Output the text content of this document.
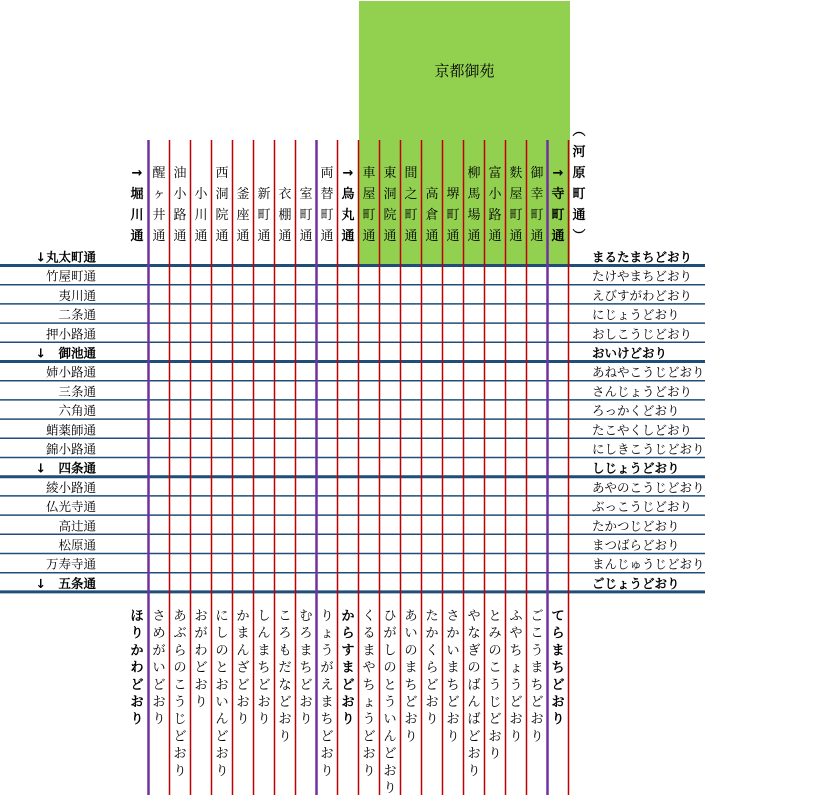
京都御苑
→堀川通
醒ヶ井通
油小路通
小川通
西洞院通
釜座通
新町通
衣棚通
室町通
両替町通
→烏丸通
車屋町通
東洞院通
間之町通
高倉通
堺町通
柳馬場通
富小路通
麩屋町通
御幸町通
→寺町通
︵河原町通︶
ほりかわどおり
さめがいどおり
あぶらのこうじどおり
おがわどおり
にしのとおいんどおり
かまんざどおり
しんまちどおり
ころもだなどおり
むろまちどおり
りょうがえまちどおり
からすまどおり
くるまやちょうどおり
ひがしのとういんどおり
あいのまちどおり
たかくらどおり
さかいまちどおり
やなぎのばんばどおり
とみのこうじどおり
ふやちょうどおり
ごこうまちどおり
てらまちどおり
↓丸太町通
竹屋町通
夷川通
二条通
押小路通
↓　御池通
姉小路通
三条通
六角通
蛸薬師通
錦小路通
↓　四条通
綾小路通
仏光寺通
高辻通
松原通
万寿寺通
↓　五条通
まるたまちどおり
たけやまちどおり
えびすがわどおり
にじょうどおり
おしこうじどおり
おいけどおり
あねやこうじどおり
さんじょうどおり
ろっかくどおり
たこやくしどおり
にしきこうじどおり
しじょうどおり
あやのこうじどおり
ぶっこうじどおり
たかつじどおり
まつばらどおり
まんじゅうじどおり
ごじょうどおり
